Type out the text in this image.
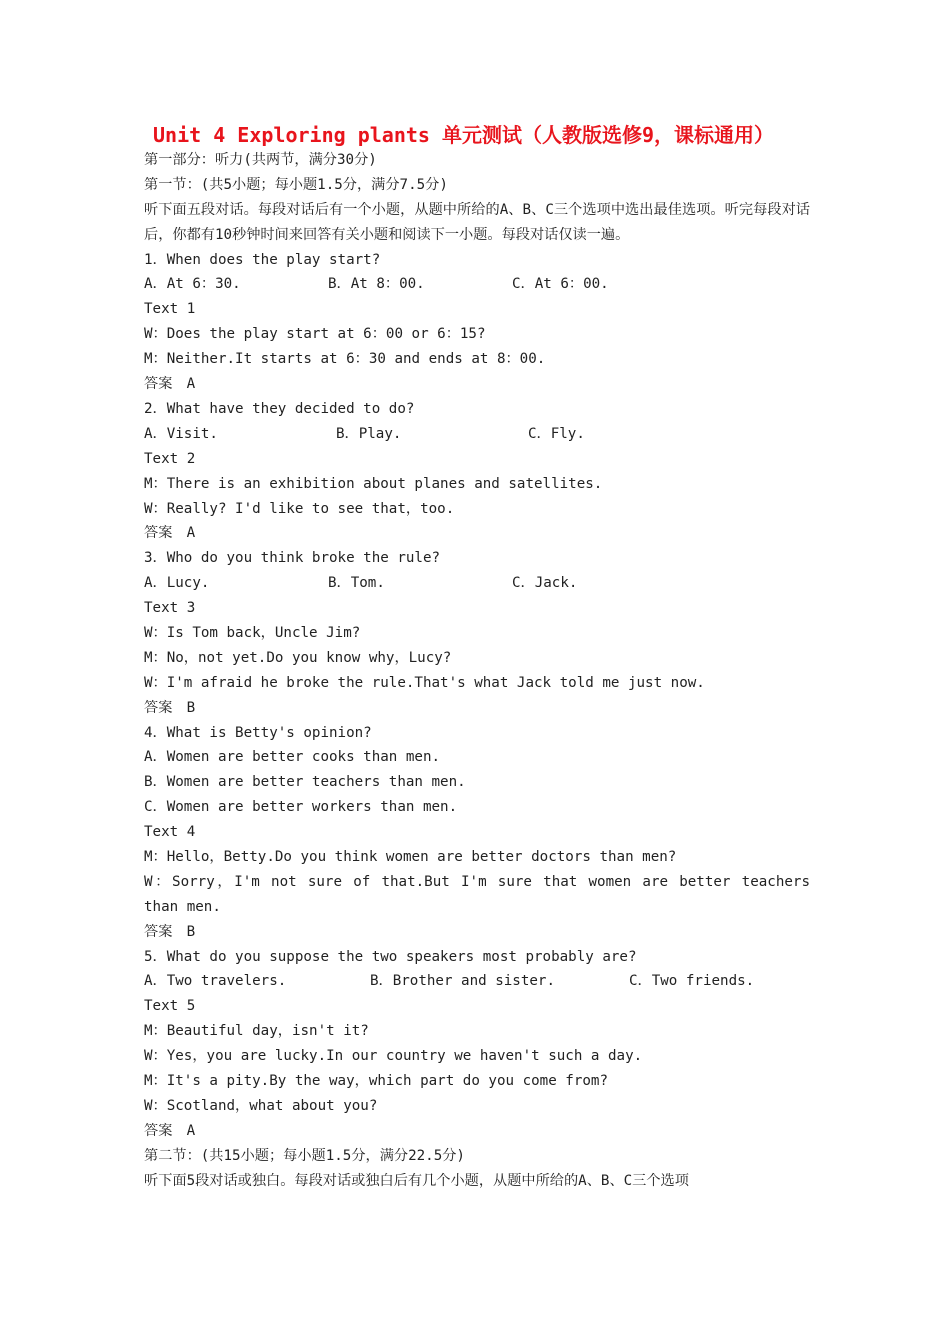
Unit 4 Exploring plants 单元测试（人教版选修9，课标通用）
第一部分：听力(共两节，满分30分)
第一节：(共5小题；每小题1.5分，满分7.5分)
听下面五段对话。每段对话后有一个小题，从题中所给的A、B、C三个选项中选出最佳选项。听完每段对话后，你都有10秒钟时间来回答有关小题和阅读下一小题。每段对话仅读一遍。
1．When does the play start?
A．At 6：30.	B．At 8：00.	C．At 6：00.
Text 1
W：Does the play start at 6：00 or 6：15?
M：Neither.It starts at 6：30 and ends at 8：00.
答案　A
2．What have they decided to do?
A．Visit.	B．Play.	C．Fly.
Text 2
M：There is an exhibition about planes and satellites.
W：Really? I'd like to see that，too.
答案　A
3．Who do you think broke the rule?
A．Lucy.	B．Tom.	C．Jack.
Text 3
W：Is Tom back，Uncle Jim?
M：No，not yet.Do you know why，Lucy?
W：I'm afraid he broke the rule.That's what Jack told me just now.
答案　B
4．What is Betty's opinion?
A．Women are better cooks than men.
B．Women are better teachers than men.
C．Women are better workers than men.
Text 4
M：Hello，Betty.Do you think women are better doctors than men?
W：Sorry，I'm not sure of that.But I'm sure that women are better teachers than men.
答案　B
5．What do you suppose the two speakers most probably are?
A．Two travelers.	B．Brother and sister.	C．Two friends.
Text 5
M：Beautiful day，isn't it?
W：Yes，you are lucky.In our country we haven't such a day.
M：It's a pity.By the way，which part do you come from?
W：Scotland，what about you?
答案　A
第二节：(共15小题；每小题1.5分，满分22.5分)
听下面5段对话或独白。每段对话或独白后有几个小题，从题中所给的A、B、C三个选项
